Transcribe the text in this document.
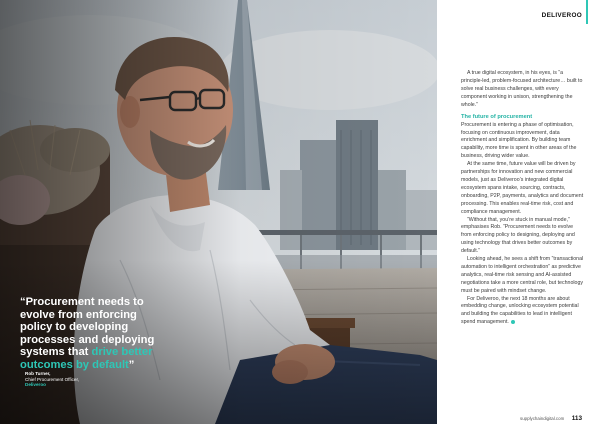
“Procurement needs to evolve from enforcing policy to developing processes and deploying systems that drive better outcomes by default”

Rob Turner,
Chief Procurement Officer,
Deliveroo
DELIVEROO

A true digital ecosystem, in his eyes, is “a principle-led, problem-focused architecture… built to solve real business challenges, with every component working in unison, strengthening the whole.”

The future of procurement

Procurement is entering a phase of optimisation, focusing on continuous improvement, data enrichment and simplification. By building team capability, more time is spent in other areas of the business, driving wider value.

At the same time, future value will be driven by partnerships for innovation and new commercial models, just as Deliveroo’s integrated digital ecosystem spans intake, sourcing, contracts, onboarding, P2P, payments, analytics and document processing. This enables real-time risk, cost and compliance management.

“Without that, you’re stuck in manual mode,” emphasises Rob. “Procurement needs to evolve from enforcing policy to designing, deploying and using technology that drives better outcomes by default.”

Looking ahead, he sees a shift from “transactional automation to intelligent orchestration” as predictive analytics, real-time risk sensing and AI-assisted negotiations take a more central role, but technology must be paired with mindset change.

For Deliveroo, the next 18 months are about embedding change, unlocking ecosystem potential and building the capabilities to lead in intelligent spend management.

supplychaindigital.com 113
